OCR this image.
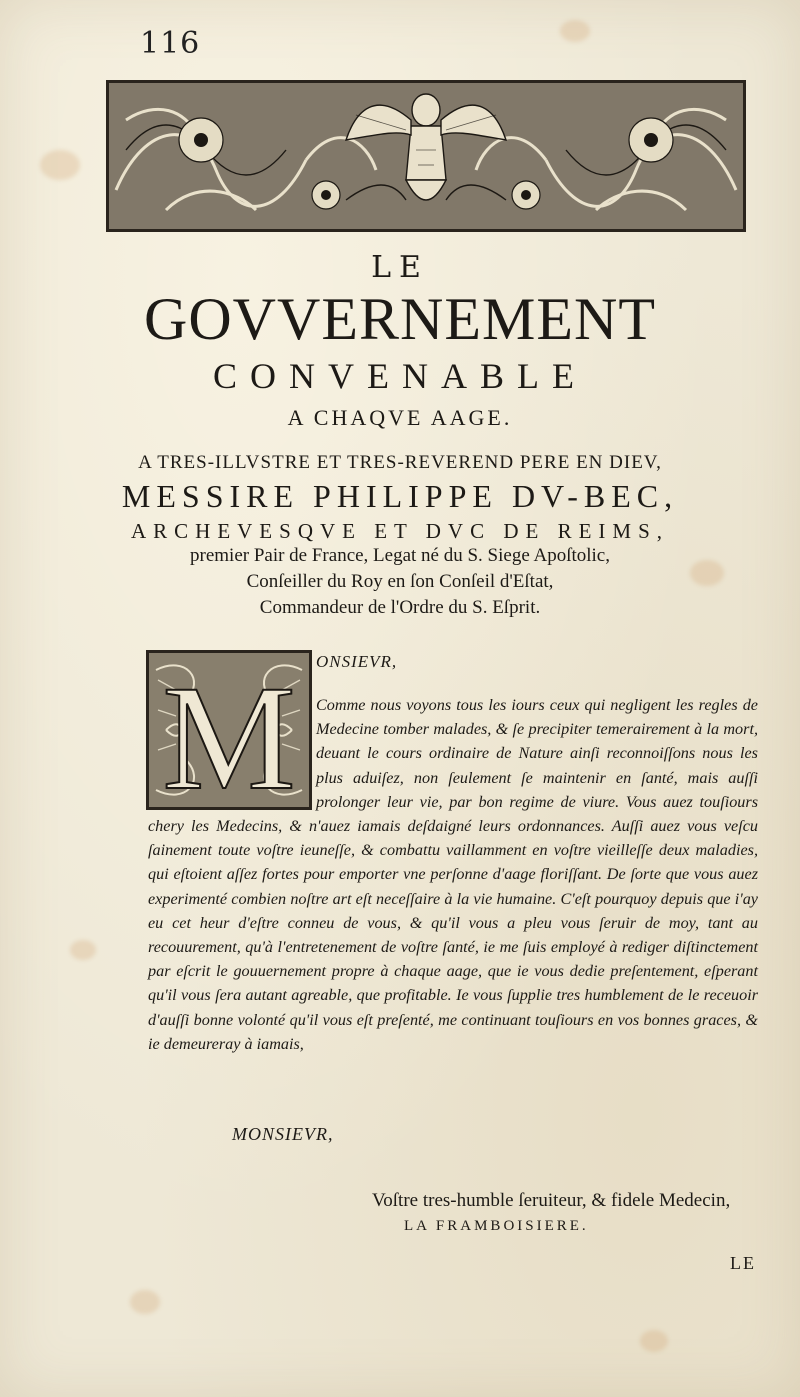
116
LE
GOVVERNEMENT
CONVENABLE
A CHAQVE AAGE.
A TRES-ILLVSTRE ET TRES-REVEREND PERE EN DIEV,
MESSIRE PHILIPPE DV-BEC,
ARCHEVESQVE ET DVC DE REIMS,
premier Pair de France, Legat né du S. Siege Apoſtolic,
Conſeiller du Roy en ſon Conſeil d'Eſtat,
Commandeur de l'Ordre du S. Eſprit.
M ONSIEVR,
Comme nous voyons tous les iours ceux qui negligent les regles de Medecine tomber malades, & ſe precipiter temerairement à la mort, deuant le cours ordinaire de Nature ainſi reconnoiſſons nous les plus aduiſez, non ſeulement ſe maintenir en ſanté, mais auſſi prolonger leur vie, par bon regime de viure. Vous auez touſiours chery les Medecins, & n'auez iamais deſdaigné leurs ordonnances. Auſſi auez vous veſcu ſainement toute voſtre ieuneſſe, & combattu vaillamment en voſtre vieilleſſe deux maladies, qui eſtoient aſſez fortes pour emporter vne perſonne d'aage floriſſant. De ſorte que vous auez experimenté combien noſtre art eſt neceſſaire à la vie humaine. C'eſt pourquoy depuis que i'ay eu cet heur d'eſtre conneu de vous, & qu'il vous a pleu vous ſeruir de moy, tant au recouurement, qu'à l'entretenement de voſtre ſanté, ie me ſuis employé à rediger diſtinctement par eſcrit le gouuernement propre à chaque aage, que ie vous dedie preſentement, eſperant qu'il vous ſera autant agreable, que profitable. Ie vous ſupplie tres humblement de le receuoir d'auſſi bonne volonté qu'il vous eſt preſenté, me continuant touſiours en vos bonnes graces, & ie demeureray à iamais,
MONSIEVR,
Voſtre tres-humble ſeruiteur, & fidele Medecin,
LA FRAMBOISIERE.
LE
